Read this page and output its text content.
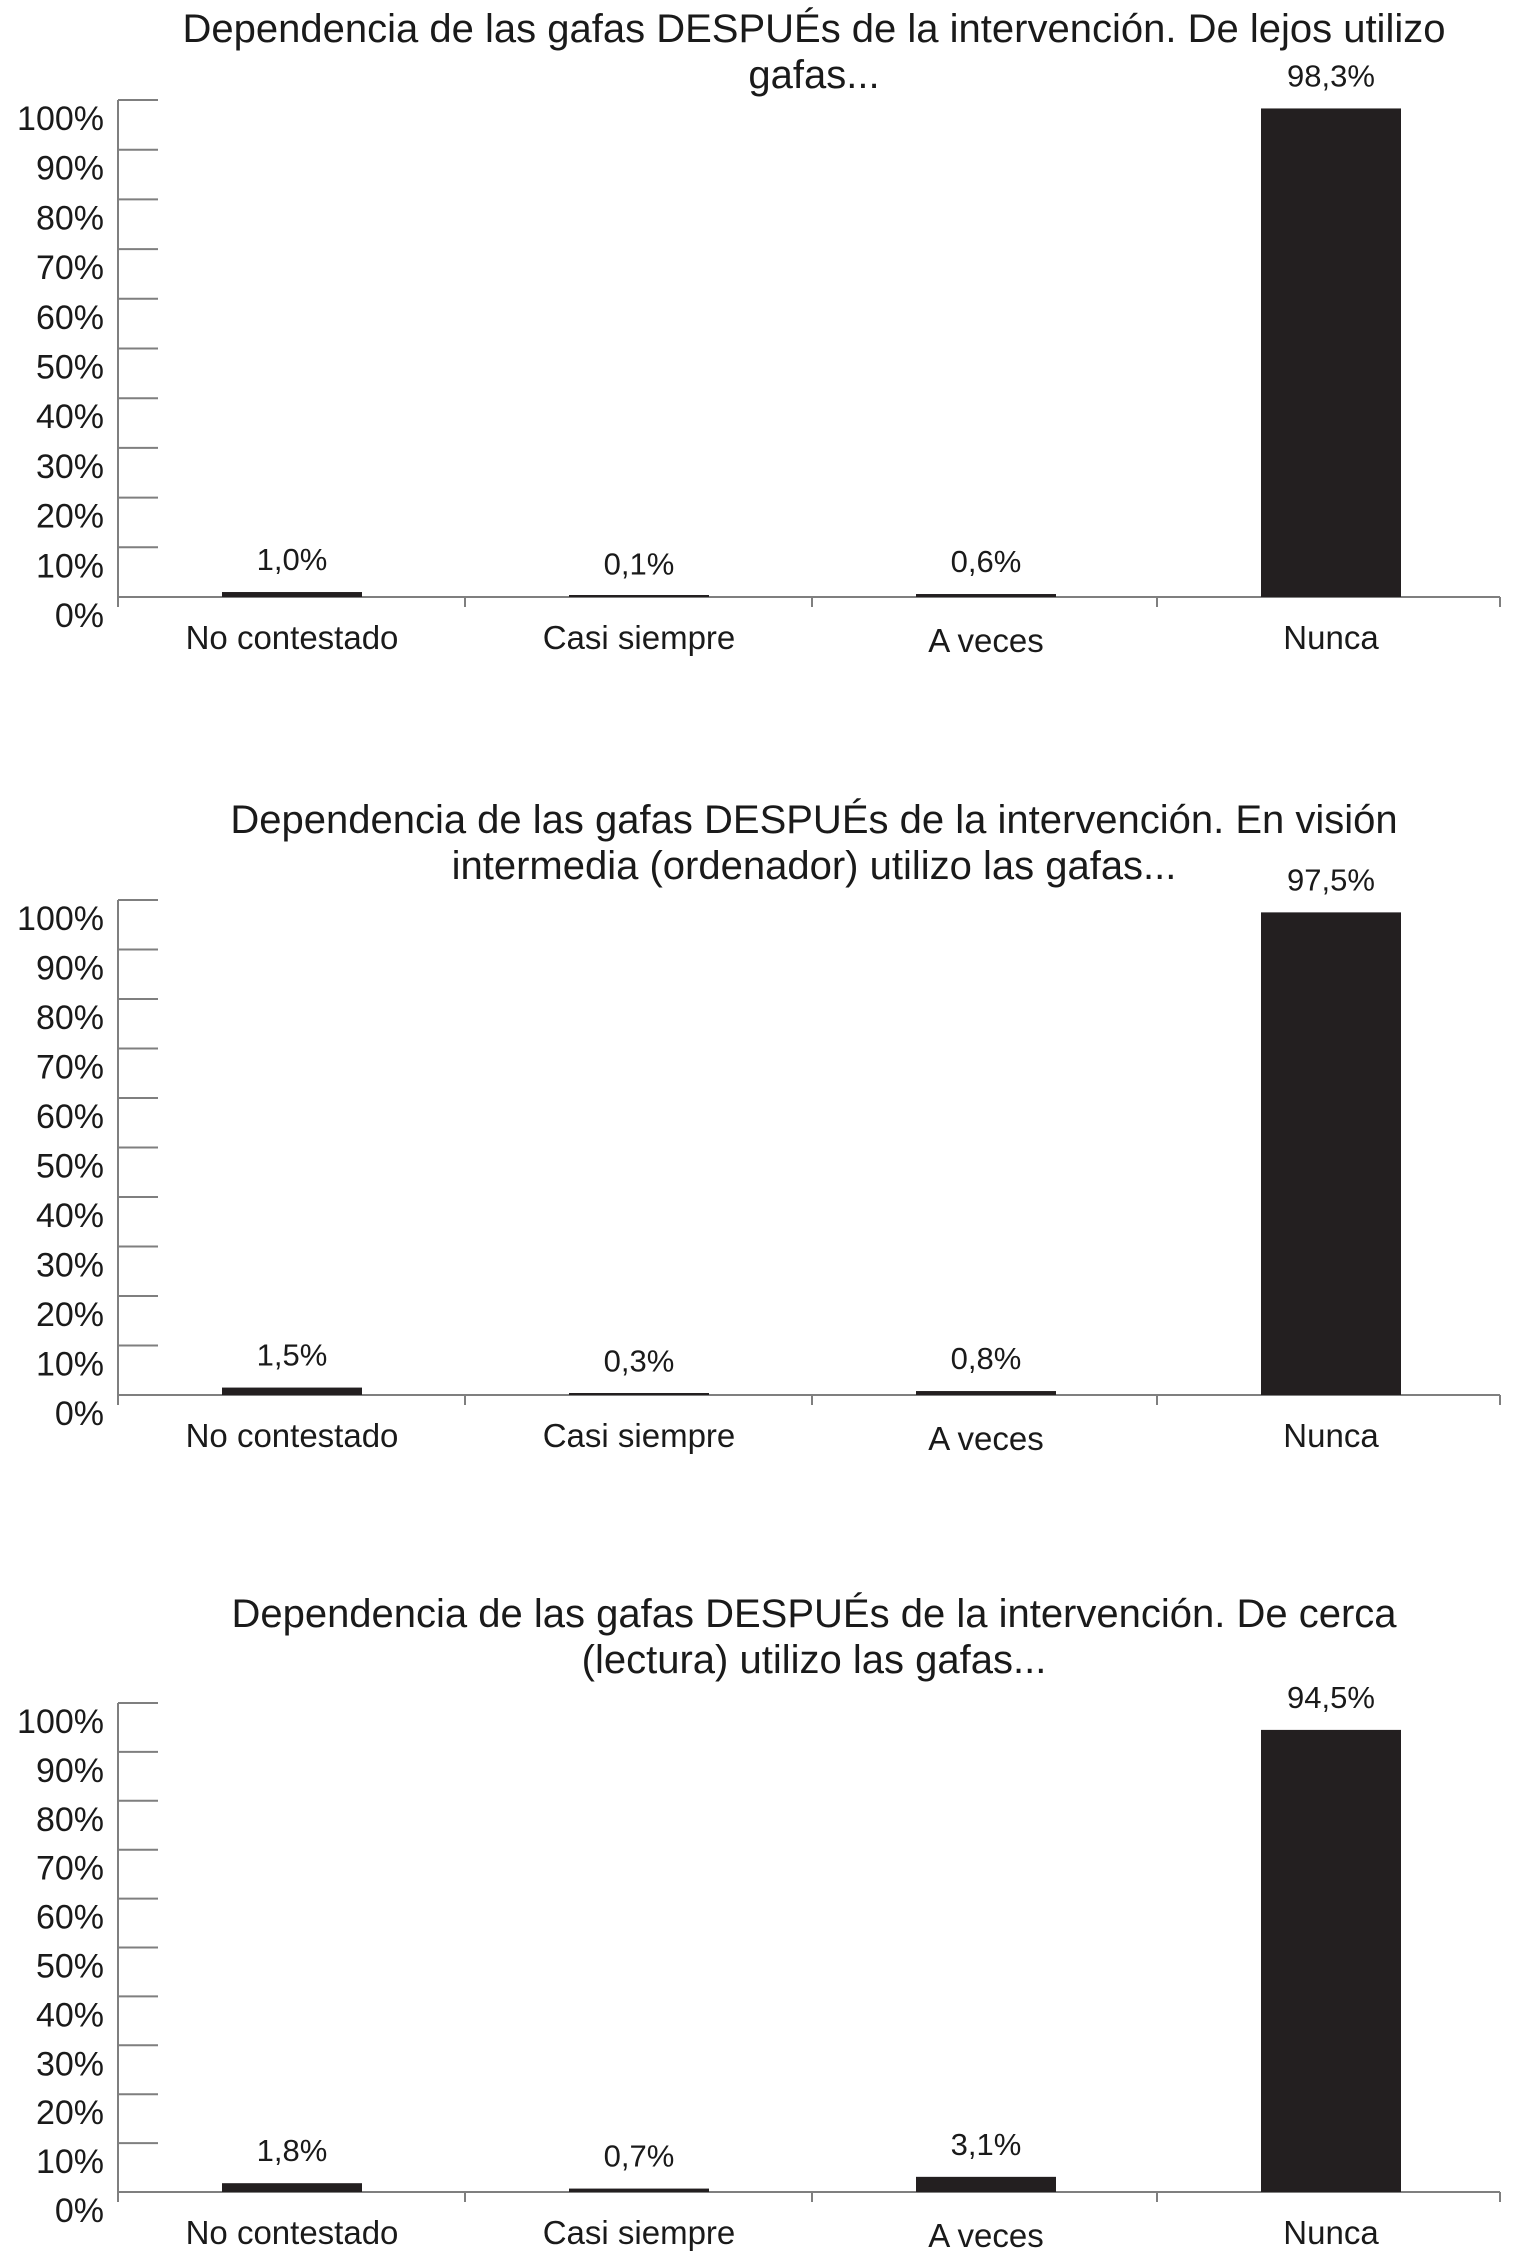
Dependencia de las gafas DESPUÉs de la intervención. De lejos utilizo
gafas...
0%
10%
20%
30%
40%
50%
60%
70%
80%
90%
100%
1,0%
No contestado
0,1%
Casi siempre
0,6%
A veces
98,3%
Nunca
Dependencia de las gafas DESPUÉs de la intervención. En visión
intermedia (ordenador) utilizo las gafas...
0%
10%
20%
30%
40%
50%
60%
70%
80%
90%
100%
1,5%
No contestado
0,3%
Casi siempre
0,8%
A veces
97,5%
Nunca
Dependencia de las gafas DESPUÉs de la intervención. De cerca
(lectura) utilizo las gafas...
0%
10%
20%
30%
40%
50%
60%
70%
80%
90%
100%
1,8%
No contestado
0,7%
Casi siempre
3,1%
A veces
94,5%
Nunca
